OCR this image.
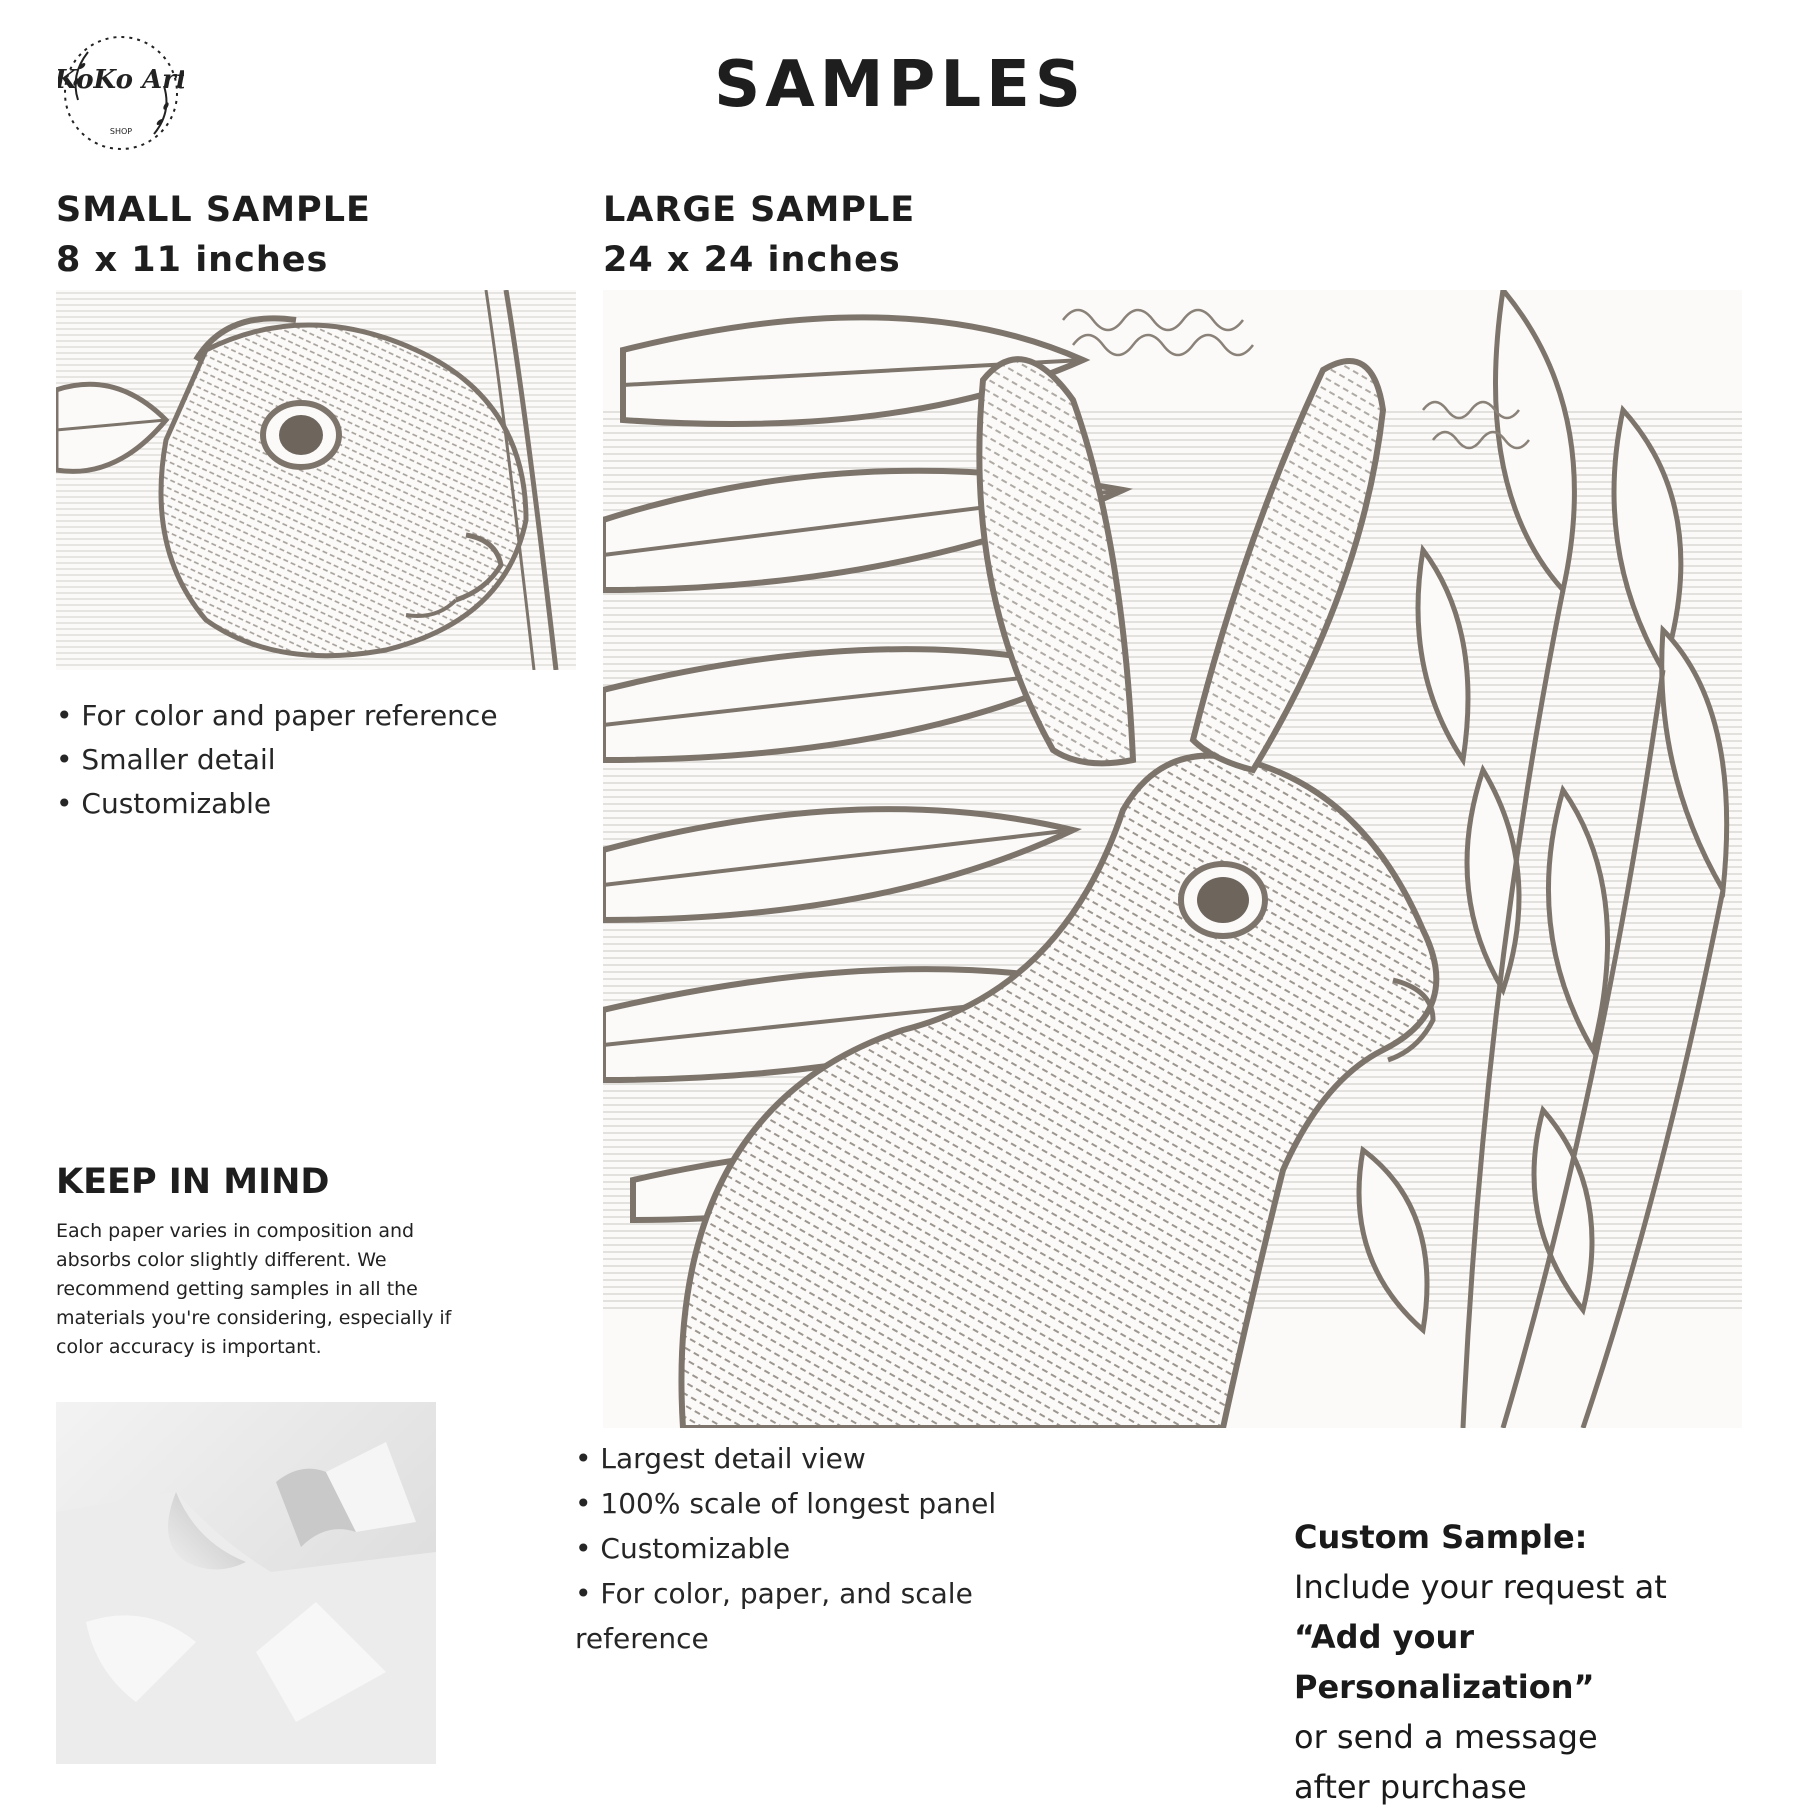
KoKo Art
SHOP
SAMPLES
SMALL SAMPLE
8 x 11 inches
• For color and paper reference
• Smaller detail
• Customizable
LARGE SAMPLE
24 x 24 inches
• Largest detail view
• 100% scale of longest panel
• Customizable
• For color, paper, and scale reference
KEEP IN MIND
Each paper varies in composition and absorbs color slightly different. We recommend getting samples in all the materials you're considering, especially if color accuracy is important.
Custom Sample:
Include your request at
“Add your Personalization”
or send a message
after purchase
